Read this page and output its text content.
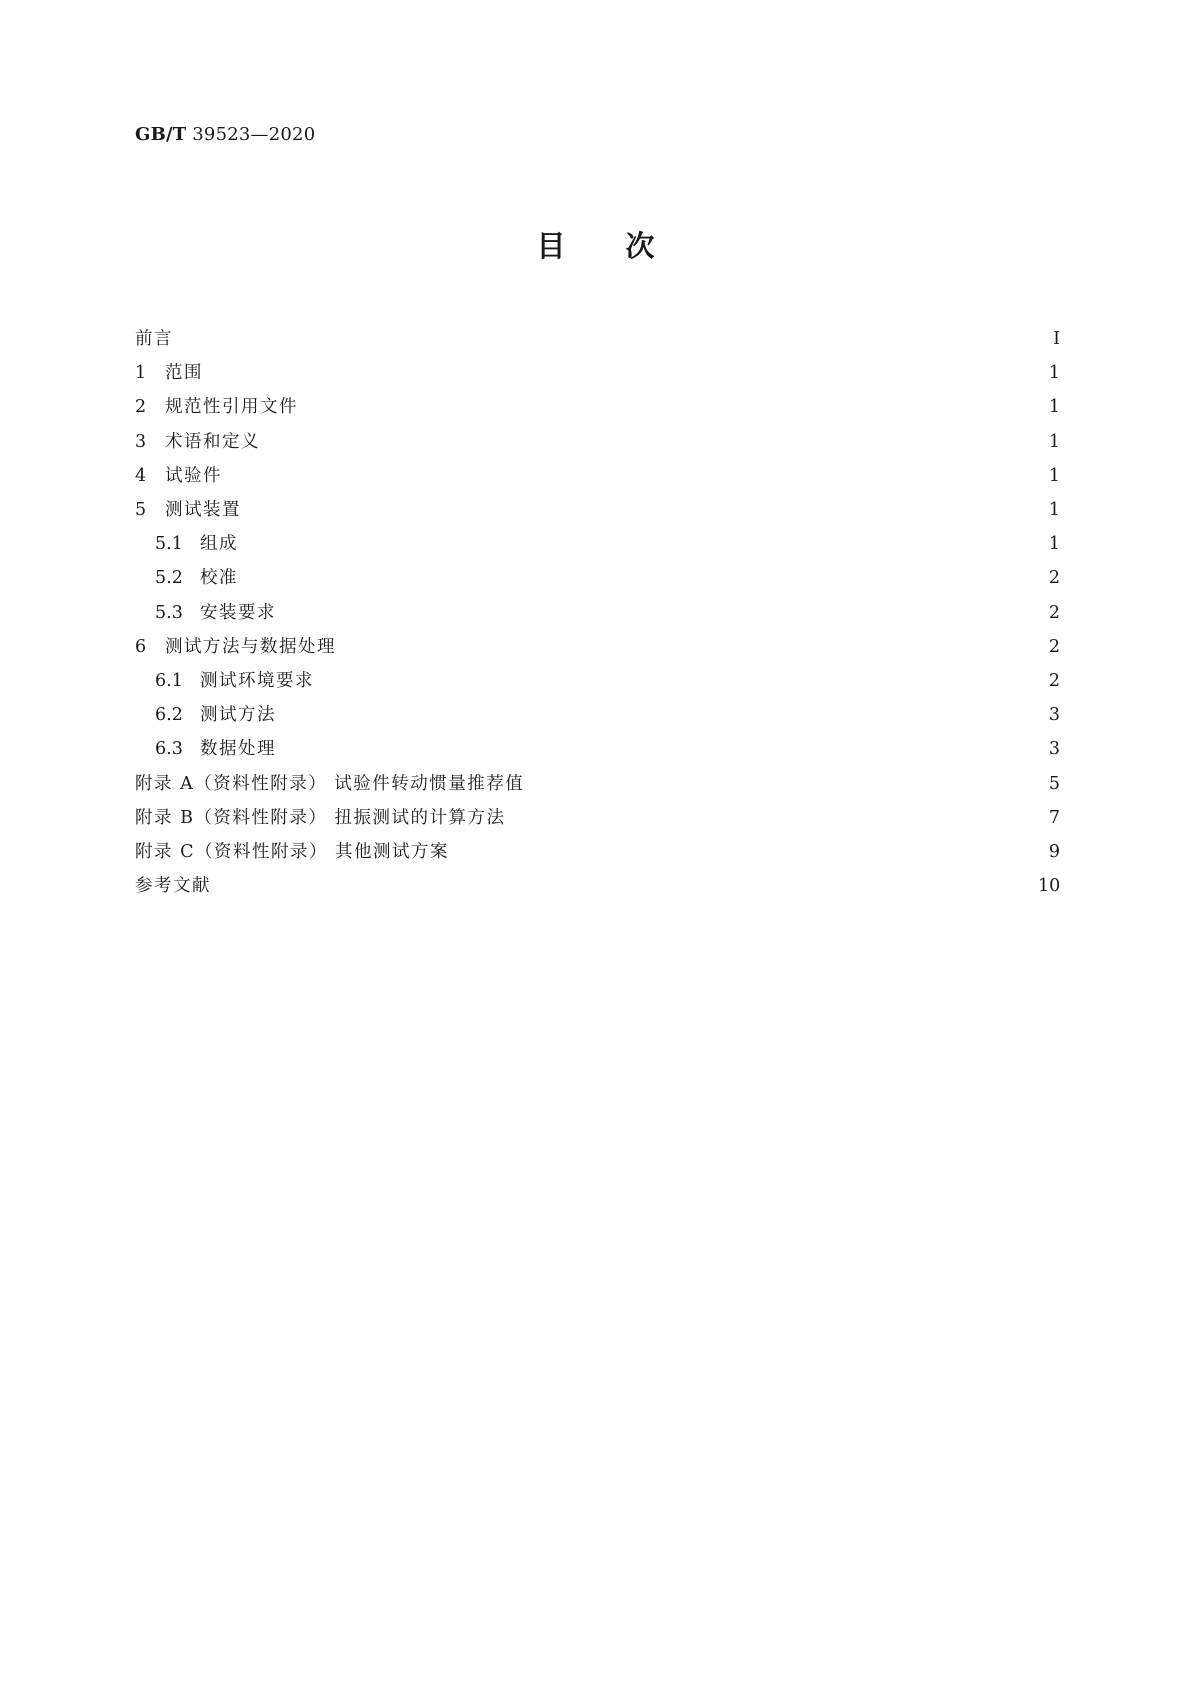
GB/T 39523—2020

目 次
前言	Ⅰ
1	范围	1
2	规范性引用文件	1
3	术语和定义	1
4	试验件	1
5	测试装置	1
5.1 组成	1
5.2 校准	2
5.3 安装要求	2
6	测试方法与数据处理	2
6.1 测试环境要求	2
6.2 测试方法	3
6.3 数据处理	3
附录 A（资料性附录） 试验件转动惯量推荐值	5
附录 B（资料性附录） 扭振测试的计算方法	7
附录 C（资料性附录） 其他测试方案	9
参考文献	10
